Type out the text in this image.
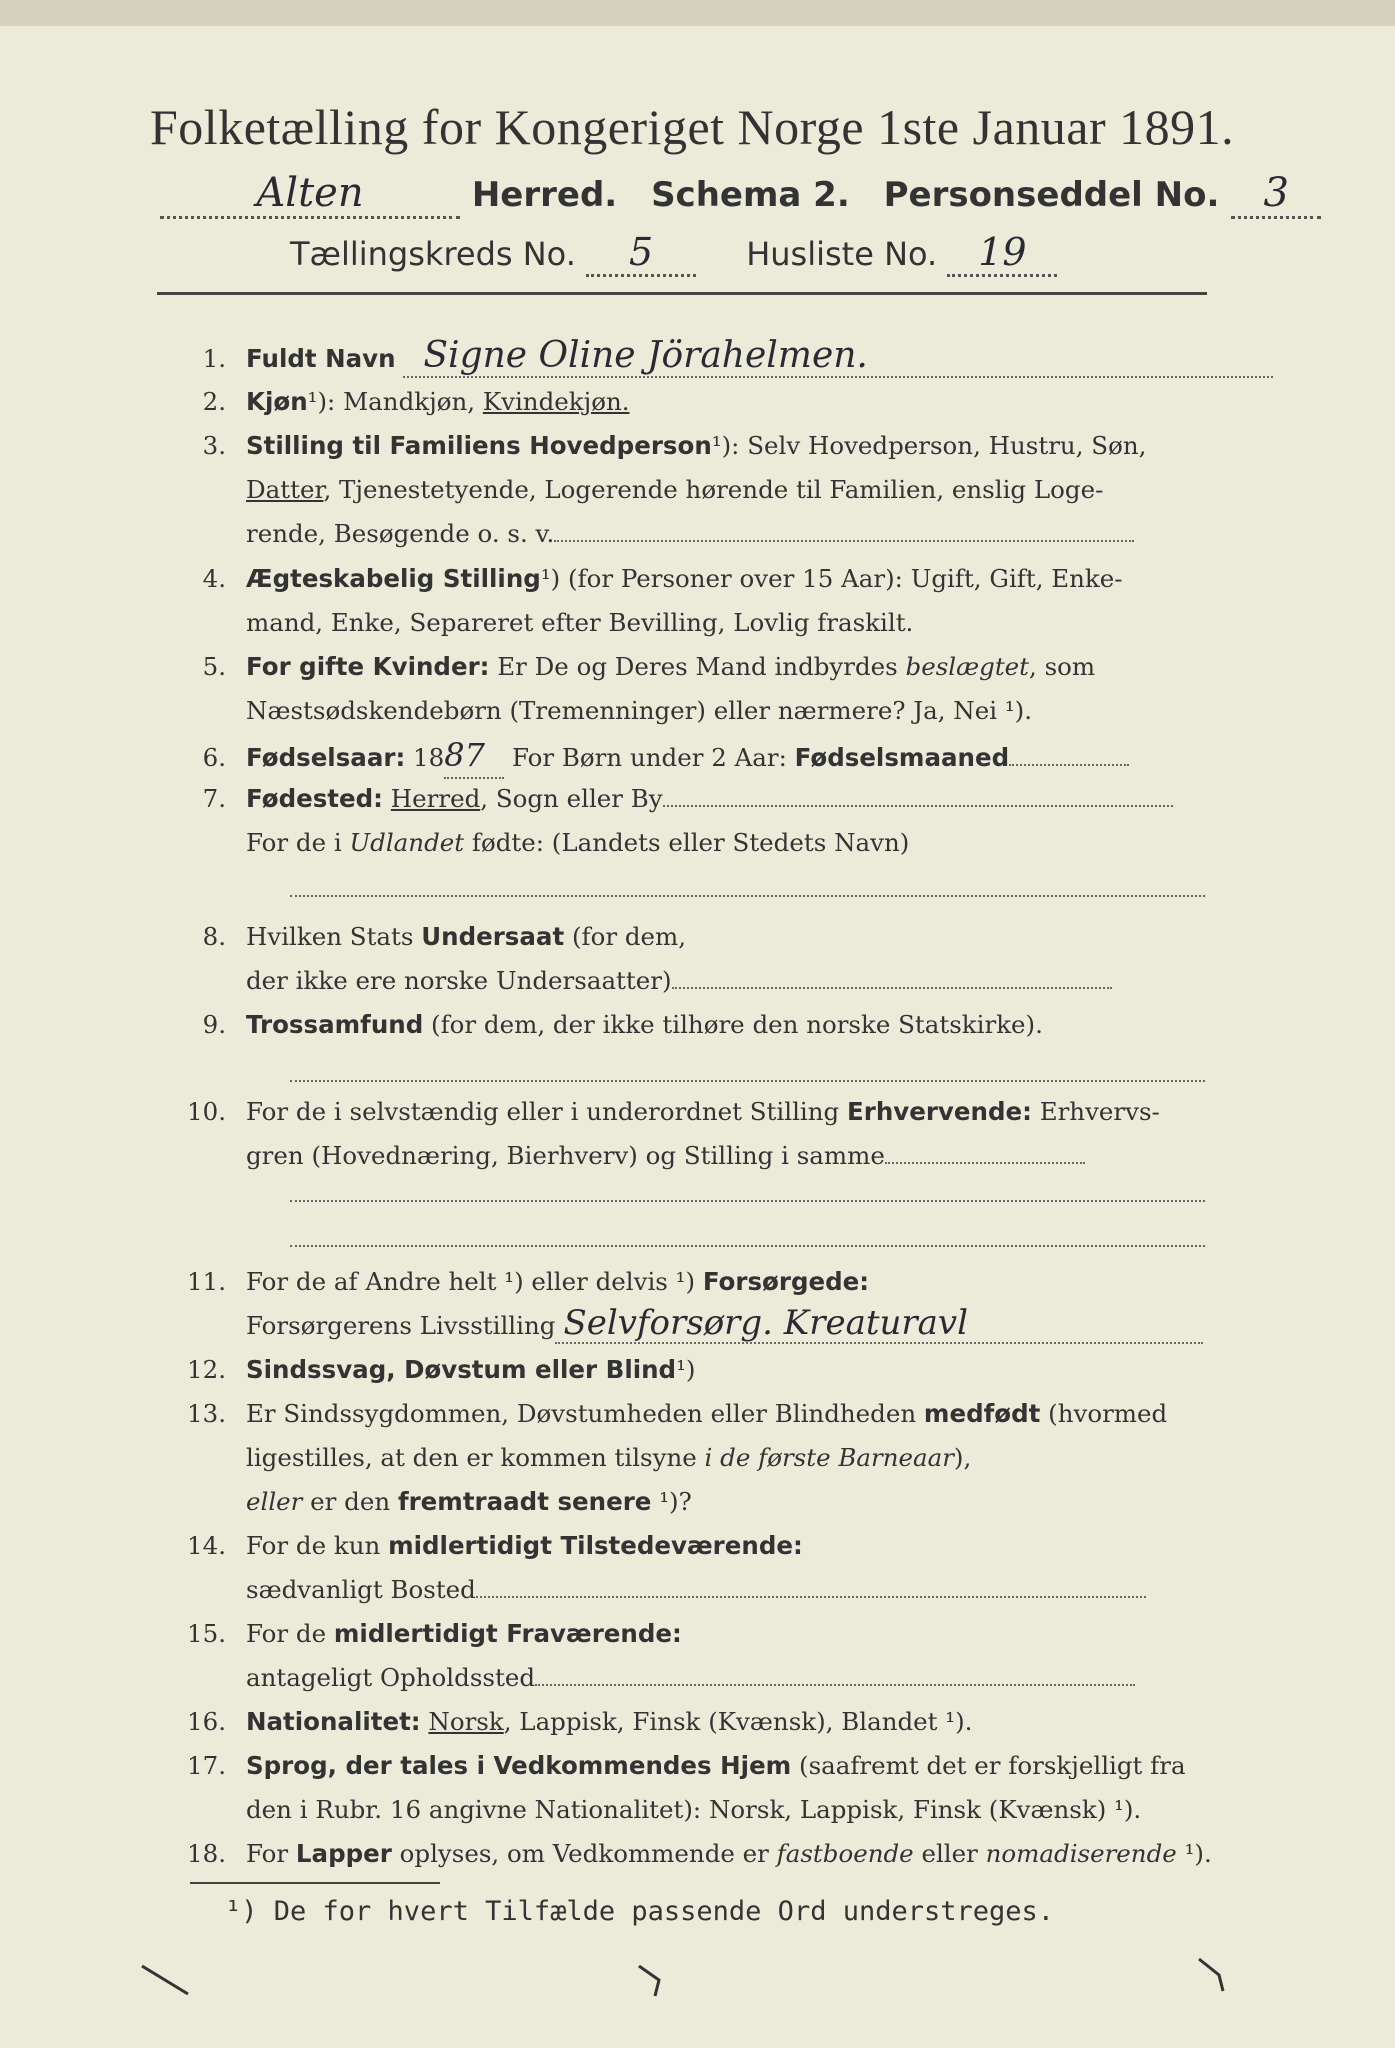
Folketælling for Kongeriget Norge 1ste Januar 1891.
Alten	Herred. Schema 2. Personseddel No. 3
Tællingskreds No. 5	Husliste No. 19
1. Fuldt Navn Signe Oline Jörahelmen.
2. Kjøn¹): Mandkjøn, Kvindekjøn.
3. Stilling til Familiens Hovedperson¹): Selv Hovedperson, Hustru, Søn,
Datter, Tjenestetyende, Logerende hørende til Familien, enslig Loge-
rende, Besøgende o. s. v.
4. Ægteskabelig Stilling¹) (for Personer over 15 Aar): Ugift, Gift, Enke-
mand, Enke, Separeret efter Bevilling, Lovlig fraskilt.
5. For gifte Kvinder: Er De og Deres Mand indbyrdes beslægtet, som
Næstsødskendebørn (Tremenninger) eller nærmere? Ja, Nei ¹).
6. Fødselsaar: 1887 For Børn under 2 Aar: Fødselsmaaned
7. Fødested: Herred, Sogn eller By
For de i Udlandet fødte: (Landets eller Stedets Navn)
8. Hvilken Stats Undersaat (for dem,
der ikke ere norske Undersaatter)
9. Trossamfund (for dem, der ikke tilhøre den norske Statskirke).
10. For de i selvstændig eller i underordnet Stilling Erhvervende: Erhvervs-
gren (Hovednæring, Bierhverv) og Stilling i samme
11. For de af Andre helt ¹) eller delvis ¹) Forsørgede:
Forsørgerens Livsstilling Selvforsørg. Kreaturavl
12. Sindssvag, Døvstum eller Blind¹)
13. Er Sindssygdommen, Døvstumheden eller Blindheden medfødt (hvormed
ligestilles, at den er kommen tilsyne i de første Barneaar),
eller er den fremtraadt senere ¹)?
14. For de kun midlertidigt Tilstedeværende:
sædvanligt Bosted
15. For de midlertidigt Fraværende:
antageligt Opholdssted
16. Nationalitet: Norsk, Lappisk, Finsk (Kvænsk), Blandet ¹).
17. Sprog, der tales i Vedkommendes Hjem (saafremt det er forskjelligt fra
den i Rubr. 16 angivne Nationalitet): Norsk, Lappisk, Finsk (Kvænsk) ¹).
18. For Lapper oplyses, om Vedkommende er fastboende eller nomadiserende ¹).
¹) De for hvert Tilfælde passende Ord understreges.
